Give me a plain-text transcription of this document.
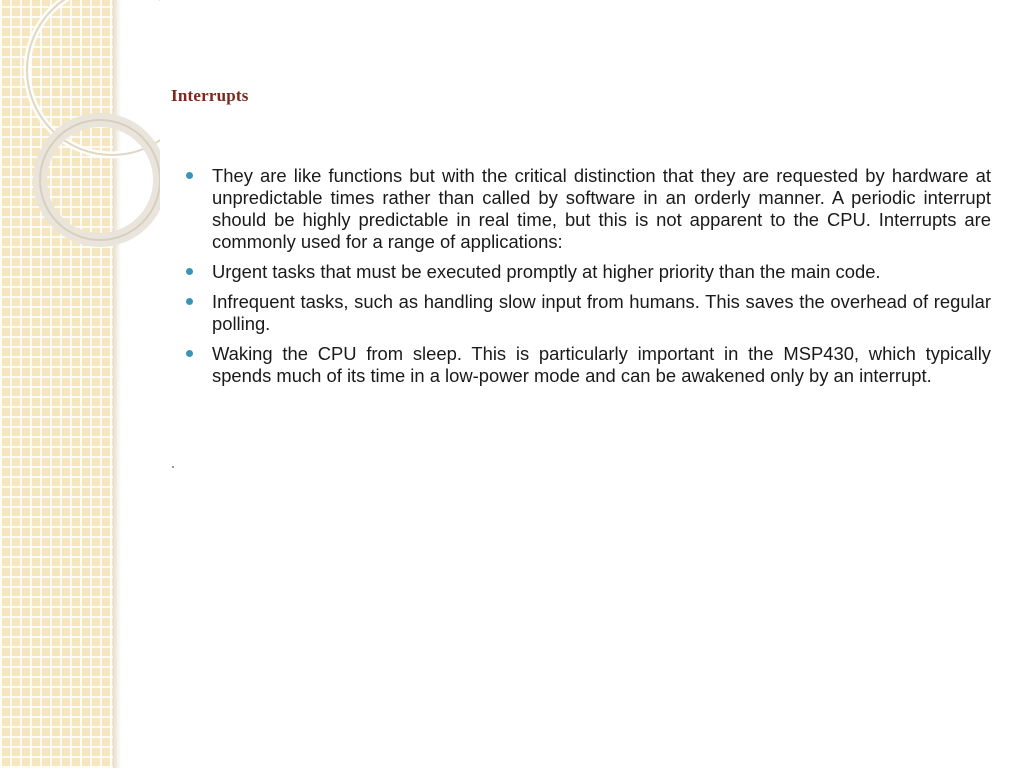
Interrupts
They are like functions but with the critical distinction that they are requested by hardware at unpredictable times rather than called by software in an orderly manner. A periodic interrupt should be highly predictable in real time, but this is not apparent to the CPU. Interrupts are commonly used for a range of applications:
Urgent tasks that must be executed promptly at higher priority than the main code.
Infrequent tasks, such as handling slow input from humans. This saves the overhead of regular polling.
Waking the CPU from sleep. This is particularly important in the MSP430, which typically spends much of its time in a low-power mode and can be awakened only by an interrupt.
